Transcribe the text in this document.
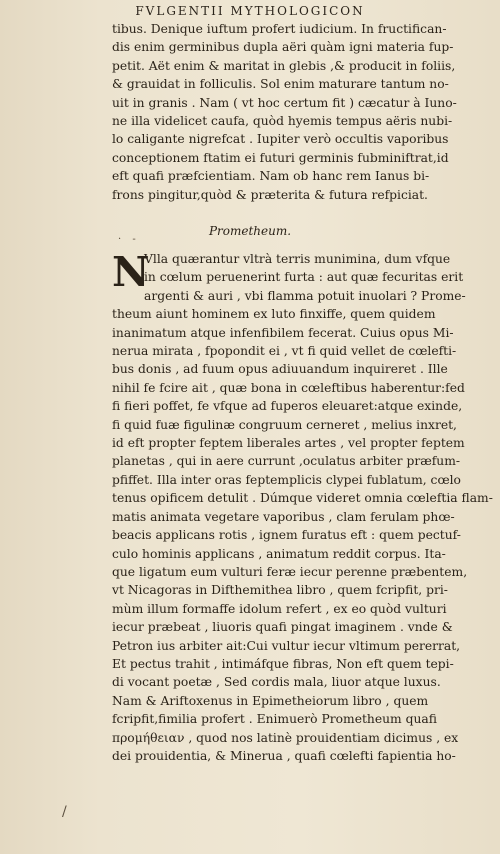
FVLGENTII MYTHOLOGICON
tibus. Denique iuftum profert iudicium. In fructifican-
dis enim germinibus dupla aëri quàm igni materia fup-
petit. Aët enim & maritat in glebis ,& producit in foliis,
& grauidat in folliculis. Sol enim maturare tantum no-
uit in granis . Nam ( vt hoc certum fit ) cæcatur à Iuno-
ne illa videlicet caufa, quòd hyemis tempus aëris nubi-
lo caligante nigrefcat . Iupiter verò occultis vaporibus
conceptionem ftatim ei futuri germinis fubminiftrat,id
eft quafi præfcientiam. Nam ob hanc rem Ianus bi-
frons pingitur,quòd & præterita & futura refpiciat.
· -
Prometheum.
N
Vlla quærantur vltrà terris munimina, dum vfque
in cœlum peruenerint furta : aut quæ fecuritas erit
argenti & auri , vbi flamma potuit inuolari ? Prome-
theum aiunt hominem ex luto finxiffe, quem quidem
inanimatum atque infenfibilem fecerat. Cuius opus Mi-
nerua mirata , fpopondit ei , vt fi quid vellet de cœlefti-
bus donis , ad fuum opus adiuuandum inquireret . Ille
nihil fe fcire ait , quæ bona in cœleftibus haberentur:fed
fi fieri poffet, fe vfque ad fuperos eleuaret:atque exinde,
fi quid fuæ figulinæ congruum cerneret , melius inxret,
id eft propter feptem liberales artes , vel propter feptem
planetas , qui in aere currunt ,oculatus arbiter præfum-
pfiffet. Illa inter oras feptemplicis clypei fublatum, cœlo
tenus opificem detulit . Dúmque videret omnia cœleftia flam-
matis animata vegetare vaporibus , clam ferulam phœ-
beacis applicans rotis , ignem furatus eft : quem pectuf-
culo hominis applicans , animatum reddit corpus. Ita-
que ligatum eum vulturi feræ iecur perenne præbentem,
vt Nicagoras in Difthemithea libro , quem fcripfit, pri-
mùm illum formaffe idolum refert , ex eo quòd vulturi
iecur præbeat , liuoris quafi pingat imaginem . vnde &
Petron ius arbiter ait:Cui vultur iecur vltimum pererrat,
Et pectus trahit , intimáfque fibras, Non eft quem tepi-
di vocant poetæ , Sed cordis mala, liuor atque luxus.
Nam & Ariftoxenus in Epimetheiorum libro , quem
fcripfit,fimilia profert . Enimuerò Prometheum quafi
προμήθειαν , quod nos latinè prouidentiam dicimus , ex
dei prouidentia, & Minerua , quafi cœlefti fapientia ho-
/
